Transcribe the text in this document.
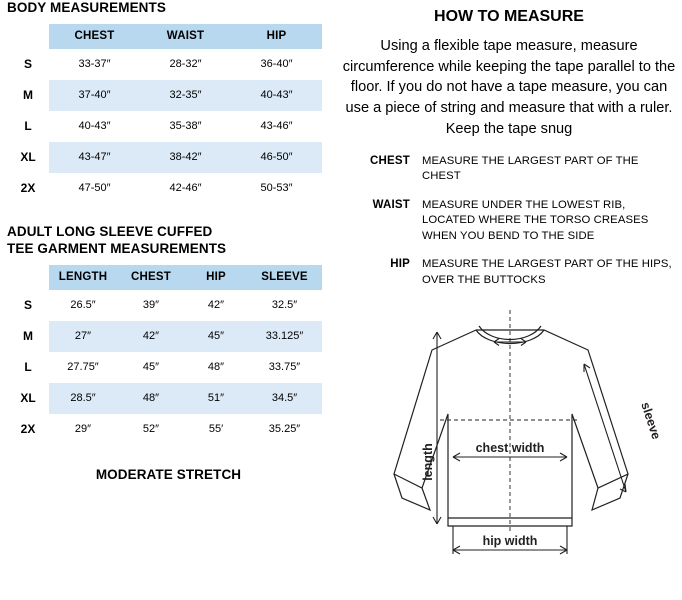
BODY MEASUREMENTS
	CHEST	WAIST	HIP
S	33-37″	28-32″	36-40″
M	37-40″	32-35″	40-43″
L	40-43″	35-38″	43-46″
XL	43-47″	38-42″	46-50″
2X	47-50″	42-46″	50-53″
ADULT LONG SLEEVE CUFFED TEE GARMENT MEASUREMENTS
	LENGTH	CHEST	HIP	SLEEVE
S	26.5″	39″	42″	32.5″
M	27″	42″	45″	33.125″
L	27.75″	45″	48″	33.75″
XL	28.5″	48″	51″	34.5″
2X	29″	52″	55′	35.25″
MODERATE STRETCH
HOW TO MEASURE
Using a flexible tape measure, measure circumference while keeping the tape parallel to the floor. If you do not have a tape measure, you can use a piece of string and measure that with a ruler. Keep the tape snug
CHEST	MEASURE THE LARGEST PART OF THE CHEST
WAIST	MEASURE UNDER THE LOWEST RIB, LOCATED WHERE THE TORSO CREASES WHEN YOU BEND TO THE SIDE
HIP	MEASURE THE LARGEST PART OF THE HIPS, OVER THE BUTTOCKS
length	chest width
hip width
sleeve
